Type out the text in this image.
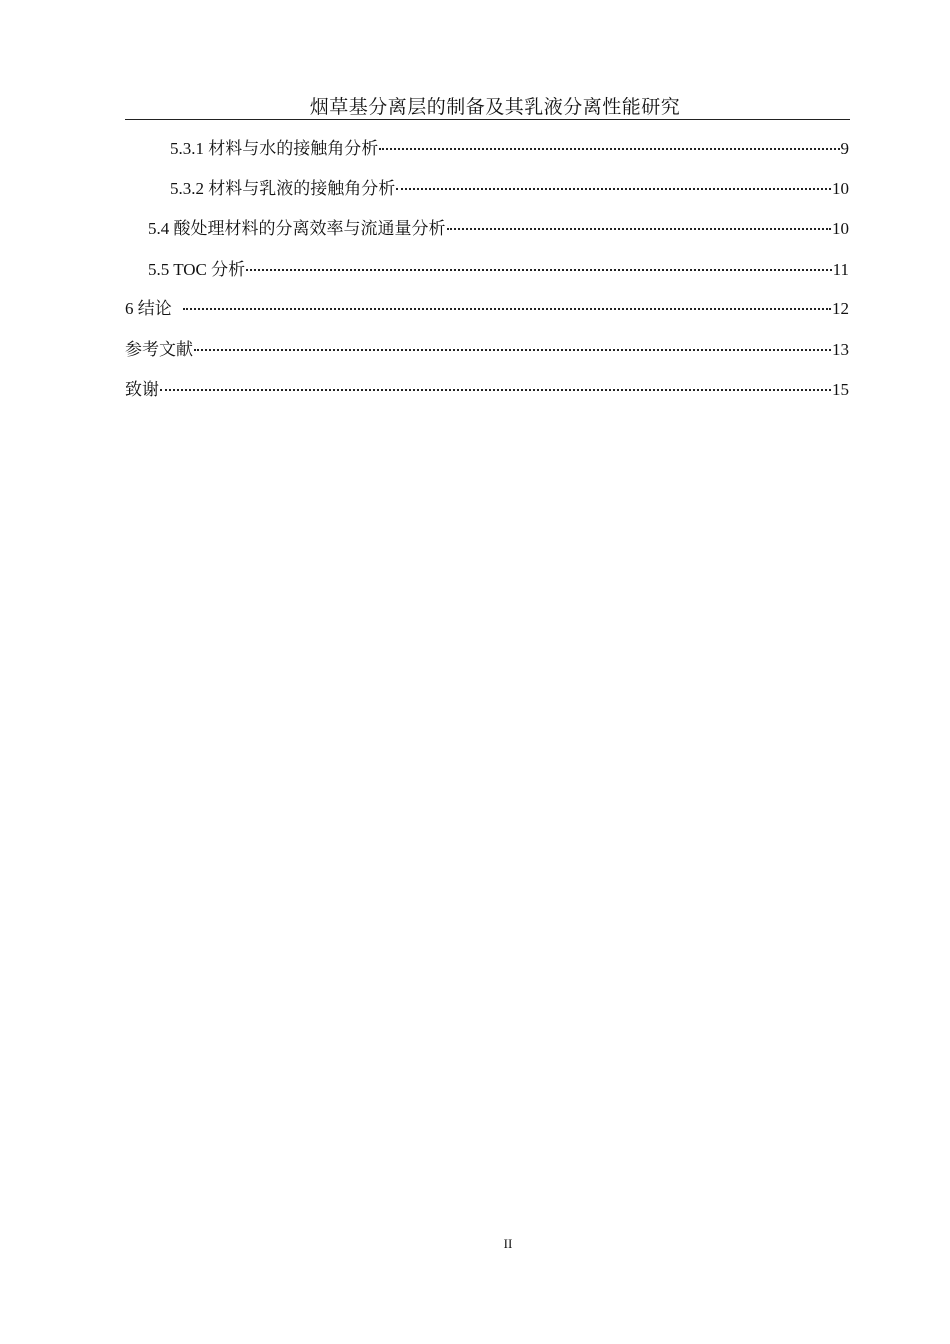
烟草基分离层的制备及其乳液分离性能研究
5.3.1 材料与水的接触角分析	9
5.3.2 材料与乳液的接触角分析	10
5.4 酸处理材料的分离效率与流通量分析	10
5.5 TOC 分析	11
6 结论	12
参考文献	13
致谢	15
II
